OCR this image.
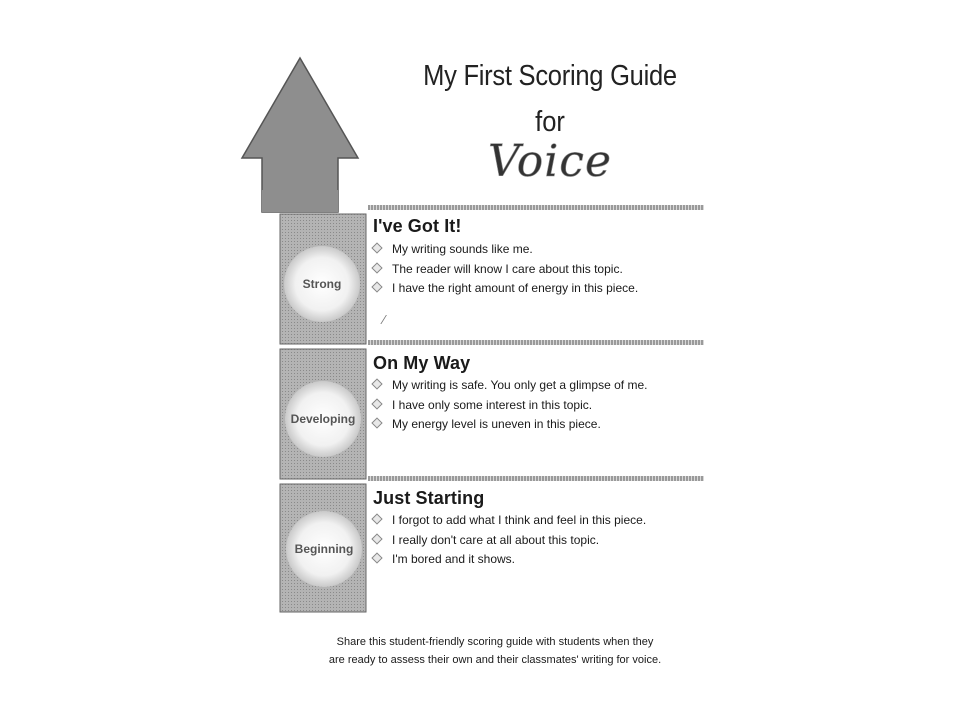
My First Scoring Guide
for
Voice
Strong
Developing
Beginning
I've Got It!
My writing sounds like me.
The reader will know I care about this topic.
I have the right amount of energy in this piece.
⁄
On My Way
My writing is safe. You only get a glimpse of me.
I have only some interest in this topic.
My energy level is uneven in this piece.
Just Starting
I forgot to add what I think and feel in this piece.
I really don't care at all about this topic.
I'm bored and it shows.
Share this student-friendly scoring guide with students when they
are ready to assess their own and their classmates' writing for voice.
